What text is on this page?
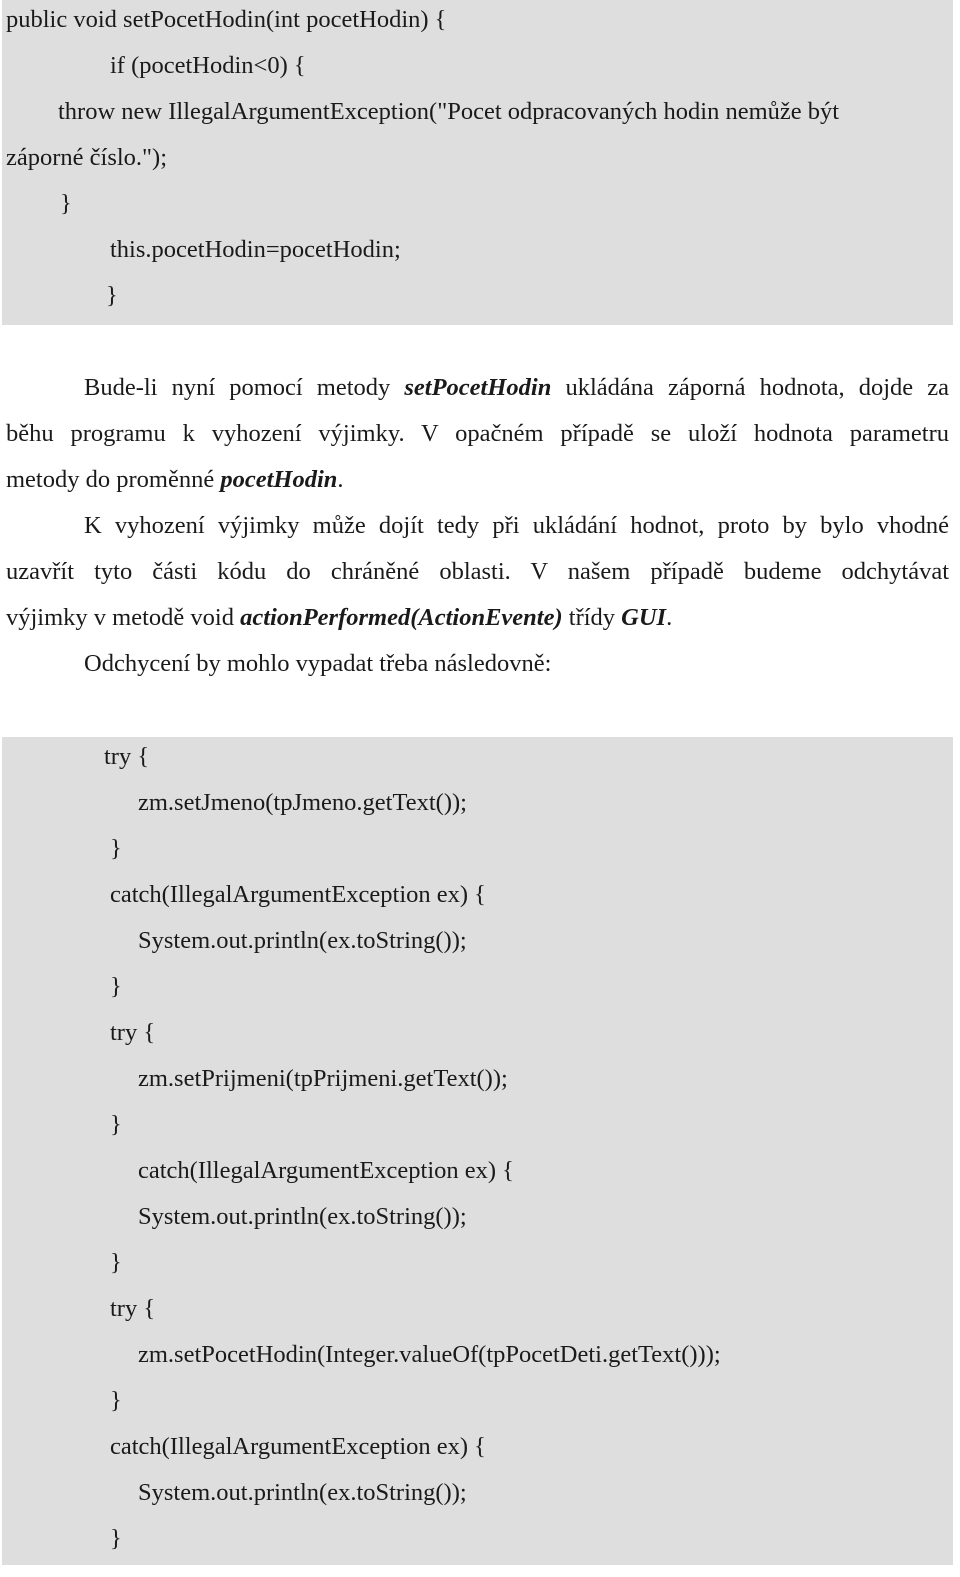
public void setPocetHodin(int pocetHodin) {
if (pocetHodin<0) {
throw new IllegalArgumentException("Pocet odpracovaných hodin nemůže být
záporné číslo.");
}
this.pocetHodin=pocetHodin;
}
Bude-li nyní pomocí metody setPocetHodin ukládána záporná hodnota, dojde za
běhu programu k vyhození výjimky. V opačném případě se uloží hodnota parametru
metody do proměnné pocetHodin.
K vyhození výjimky může dojít tedy při ukládání hodnot, proto by bylo vhodné
uzavřít tyto části kódu do chráněné oblasti. V našem případě budeme odchytávat
výjimky v metodě void actionPerformed(ActionEvente) třídy GUI.
Odchycení by mohlo vypadat třeba následovně:
try {
zm.setJmeno(tpJmeno.getText());
}
catch(IllegalArgumentException ex) {
System.out.println(ex.toString());
}
try {
zm.setPrijmeni(tpPrijmeni.getText());
}
catch(IllegalArgumentException ex) {
System.out.println(ex.toString());
}
try {
zm.setPocetHodin(Integer.valueOf(tpPocetDeti.getText()));
}
catch(IllegalArgumentException ex) {
System.out.println(ex.toString());
}
